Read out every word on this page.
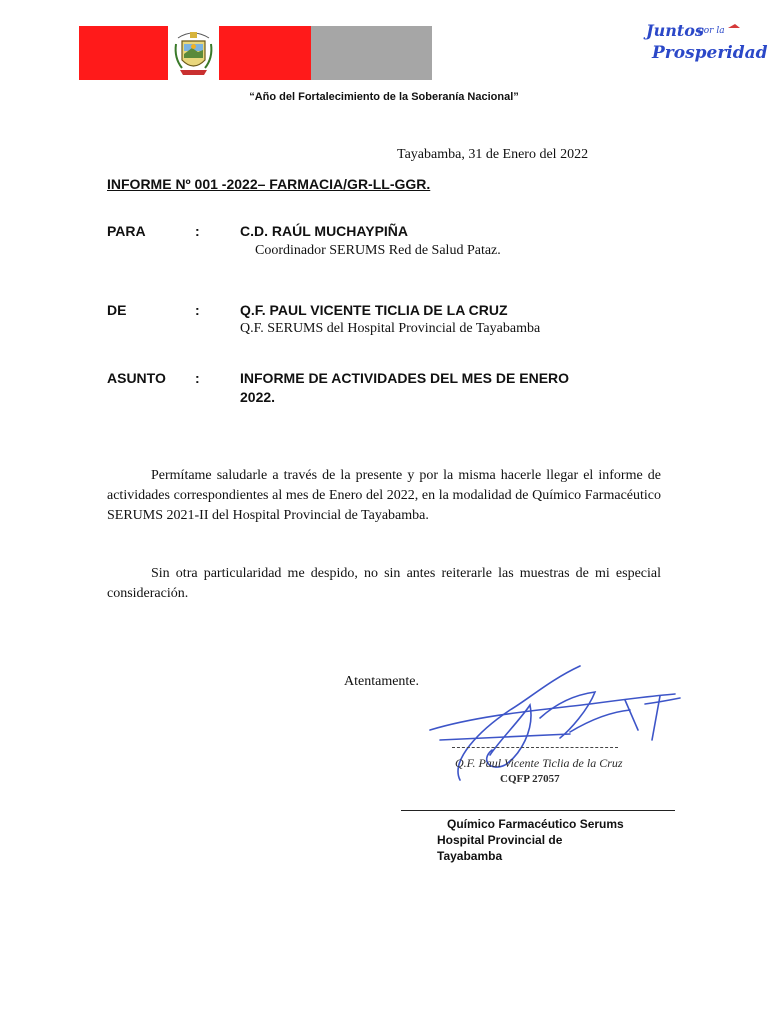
Juntos
por la
Prosperidad
“Año del Fortalecimiento de la Soberanía Nacional”
Tayabamba, 31 de Enero del 2022
INFORME Nº 001 -2022– FARMACIA/GR-LL-GGR.
PARA	:	C.D. RAÚL MUCHAYPIÑA
Coordinador SERUMS Red de Salud Pataz.
DE	:	Q.F. PAUL VICENTE TICLIA DE LA CRUZ
Q.F. SERUMS del Hospital Provincial de Tayabamba
ASUNTO :	INFORME DE ACTIVIDADES DEL MES DE ENERO
2022.

Permítame saludarle a través de la presente y por la misma hacerle llegar el informe de actividades correspondientes al mes de Enero del 2022, en la modalidad de Químico Farmacéutico SERUMS 2021-II del Hospital Provincial de Tayabamba.

Sin otra particularidad me despido, no sin antes reiterarle las muestras de mi especial consideración.

Atentamente.
Q.F. Paul Vicente Ticlia de la Cruz
CQFP 27057
Químico Farmacéutico Serums
Hospital Provincial de
Tayabamba
